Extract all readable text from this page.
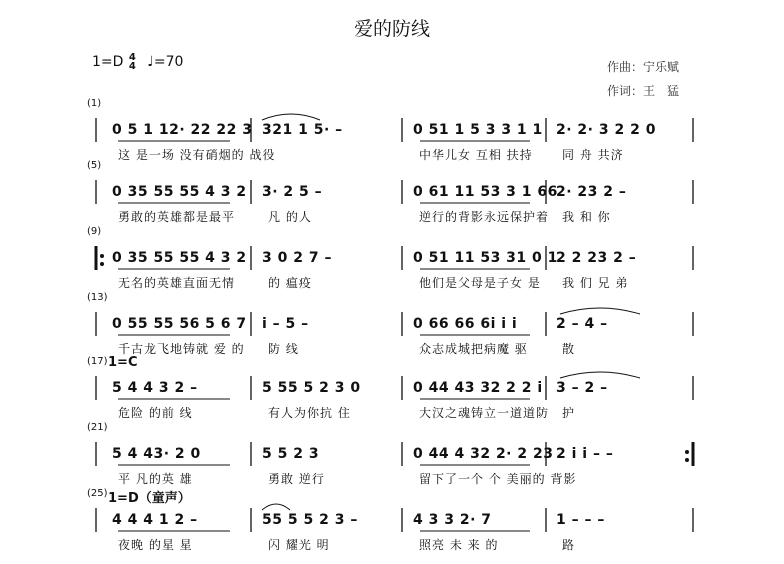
爱的防线
1=D 4
4 ♩=70	作曲：宁乐赋
作词：王　猛
(1)
0 5 1 12· 22 22 3 321 1 5· –	0 51 1 5 3 3 1 1 2· 2· 3 2 2 0
这 是一场 没有硝烟的 战役	中华儿女 互相 扶持 同 舟 共济
(5)
0 35 55 55 4 3 2 3· 2 5 –	0 61 11 53 3 1 66
2· 23 2 –
勇敢的英雄都是最平	凡 的人	逆行的背影永远保护着 我 和 你
(9)
0 35 55 55 4 3 2 3 0 2 7 –	0 51 11 53 31 0 1
2 2 23 2 –
无名的英雄直面无情	的 瘟疫	他们是父母是子女 是 我 们 兄 弟
(13)
0 55 55 56 5 6 7 i – 5 –	0 66 66 6i i i	2 – 4 –
千古龙飞地铸就 爱 的 防 线	众志成城把病魔 驱	散
(17) 1=C
5 4 4 3 2 –	5 55 5 2 3 0	0 44 43 32 2 2 i 3 – 2 –
危险 的前 线	有人为你抗 住	大汉之魂铸立一道道防 护
(21)
5 4 43· 2 0	5 5 2 3	0 44 4 32 2· 2 23 2 i i – –
平 凡的英 雄	勇敢 逆行	留下了一个 个 美丽的 背影
(25) 1=D（童声）
4 4 4 1 2 –	55 5 5 2 3 –	4 3 3 2· 7	1 – – –
夜晚 的星 星	闪 耀光 明	照亮 未 来 的	路
